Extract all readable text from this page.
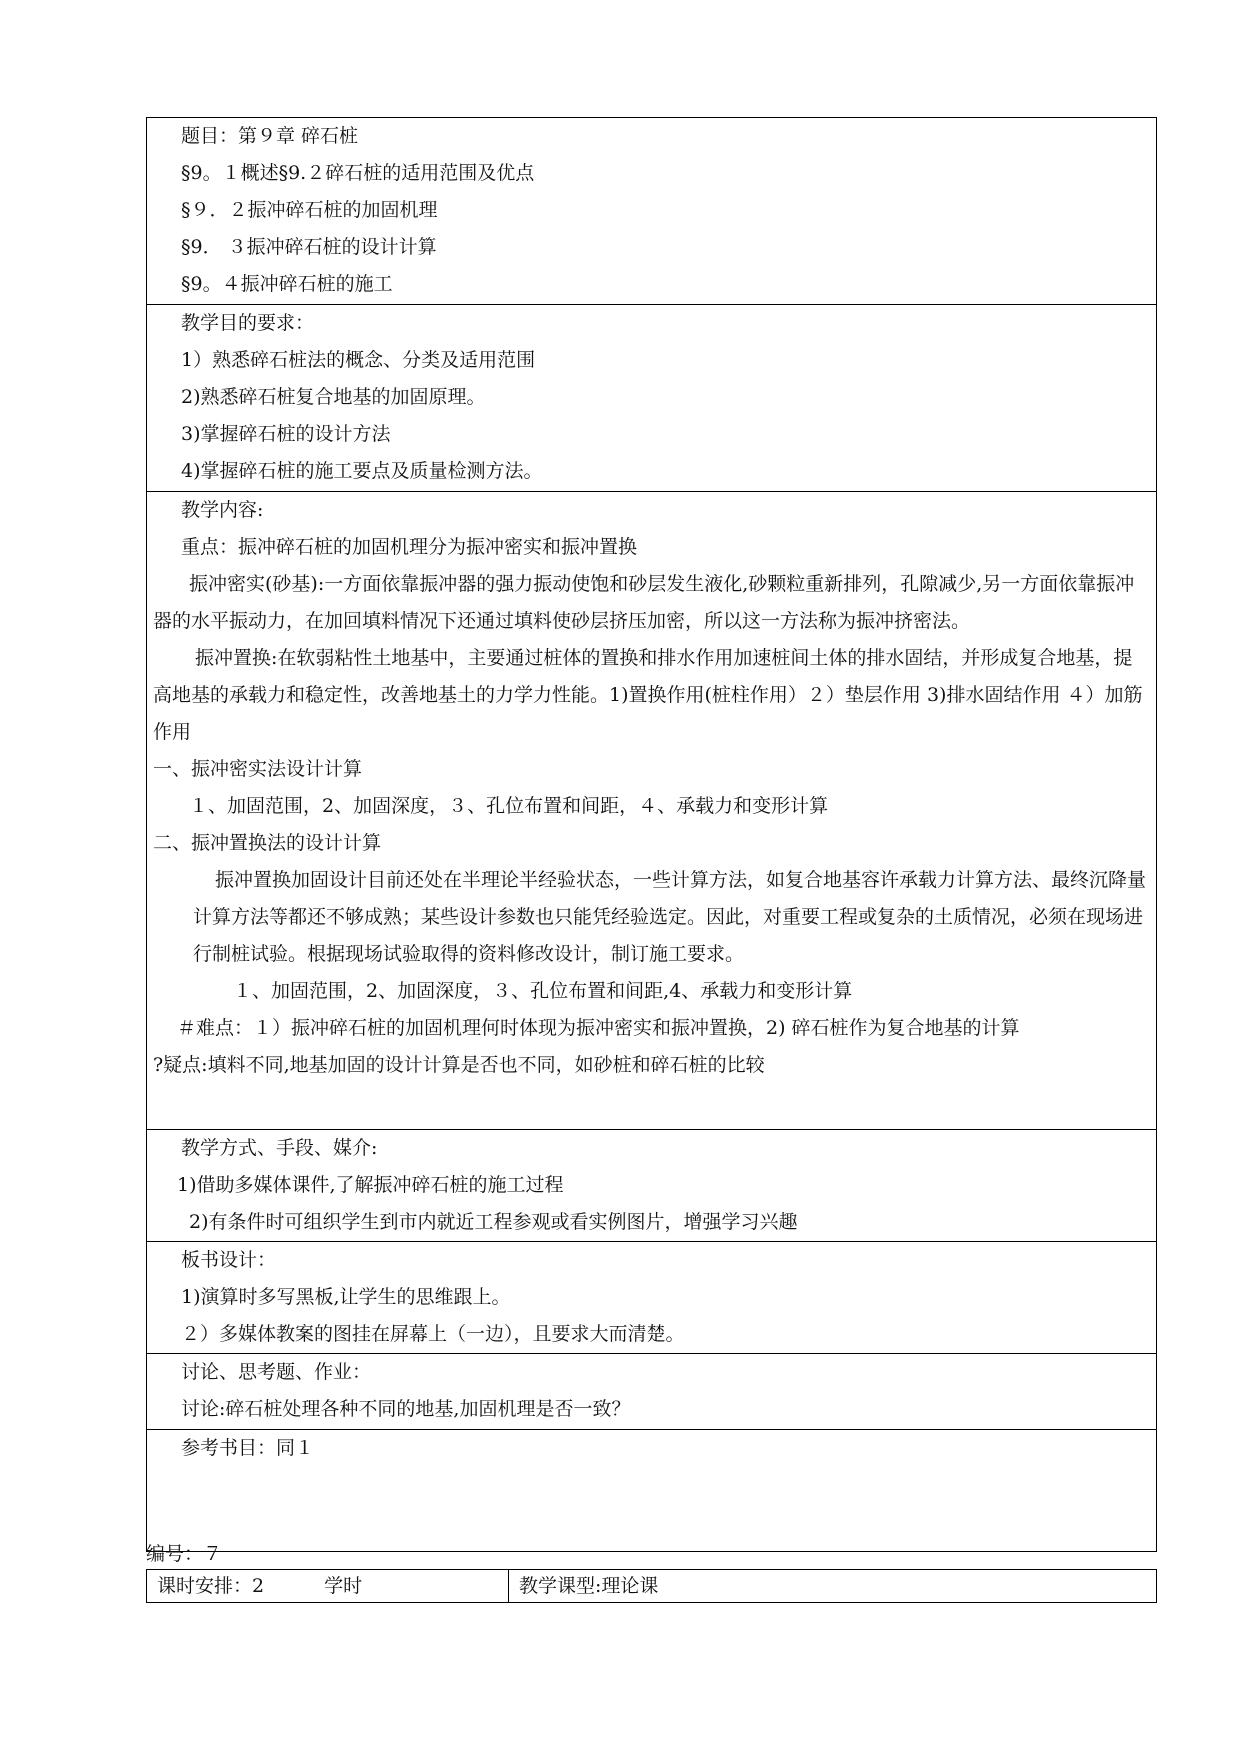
题目：第９章 碎石桩
§9。１概述§9.２碎石桩的适用范围及优点
§９．２振冲碎石桩的加固机理
§9． ３振冲碎石桩的设计计算
§9。４振冲碎石桩的施工
教学目的要求：
1）熟悉碎石桩法的概念、分类及适用范围
2)熟悉碎石桩复合地基的加固原理。
3)掌握碎石桩的设计方法
4)掌握碎石桩的施工要点及质量检测方法。
教学内容:
重点：振冲碎石桩的加固机理分为振冲密实和振冲置换
振冲密实(砂基):一方面依靠振冲器的强力振动使饱和砂层发生液化,砂颗粒重新排列，孔隙减少,另一方面依靠振冲器的水平振动力，在加回填料情况下还通过填料使砂层挤压加密，所以这一方法称为振冲挤密法。
振冲置换:在软弱粘性土地基中，主要通过桩体的置换和排水作用加速桩间土体的排水固结，并形成复合地基，提高地基的承载力和稳定性，改善地基土的力学力性能。1)置换作用(桩柱作用）２）垫层作用 3)排水固结作用 ４）加筋作用
一、振冲密实法设计计算
１、加固范围，2、加固深度，３、孔位布置和间距，４、承载力和变形计算
二、振冲置换法的设计计算
振冲置换加固设计目前还处在半理论半经验状态，一些计算方法，如复合地基容许承载力计算方法、最终沉降量计算方法等都还不够成熟；某些设计参数也只能凭经验选定。因此，对重要工程或复杂的土质情况，必须在现场进行制桩试验。根据现场试验取得的资料修改设计，制订施工要求。
１、加固范围，2、加固深度，３、孔位布置和间距,4、承载力和变形计算
＃难点：１）振冲碎石桩的加固机理何时体现为振冲密实和振冲置换，2) 碎石桩作为复合地基的计算
?疑点:填料不同,地基加固的设计计算是否也不同，如砂桩和碎石桩的比较
教学方式、手段、媒介:
1)借助多媒体课件,了解振冲碎石桩的施工过程
2)有条件时可组织学生到市内就近工程参观或看实例图片，增强学习兴趣
板书设计：
1)演算时多写黑板,让学生的思维跟上。
２）多媒体教案的图挂在屏幕上（一边），且要求大而清楚。
讨论、思考题、作业：
讨论:碎石桩处理各种不同的地基,加固机理是否一致？
参考书目：同１
编号：７
课时安排：2	学时	教学课型:理论课
